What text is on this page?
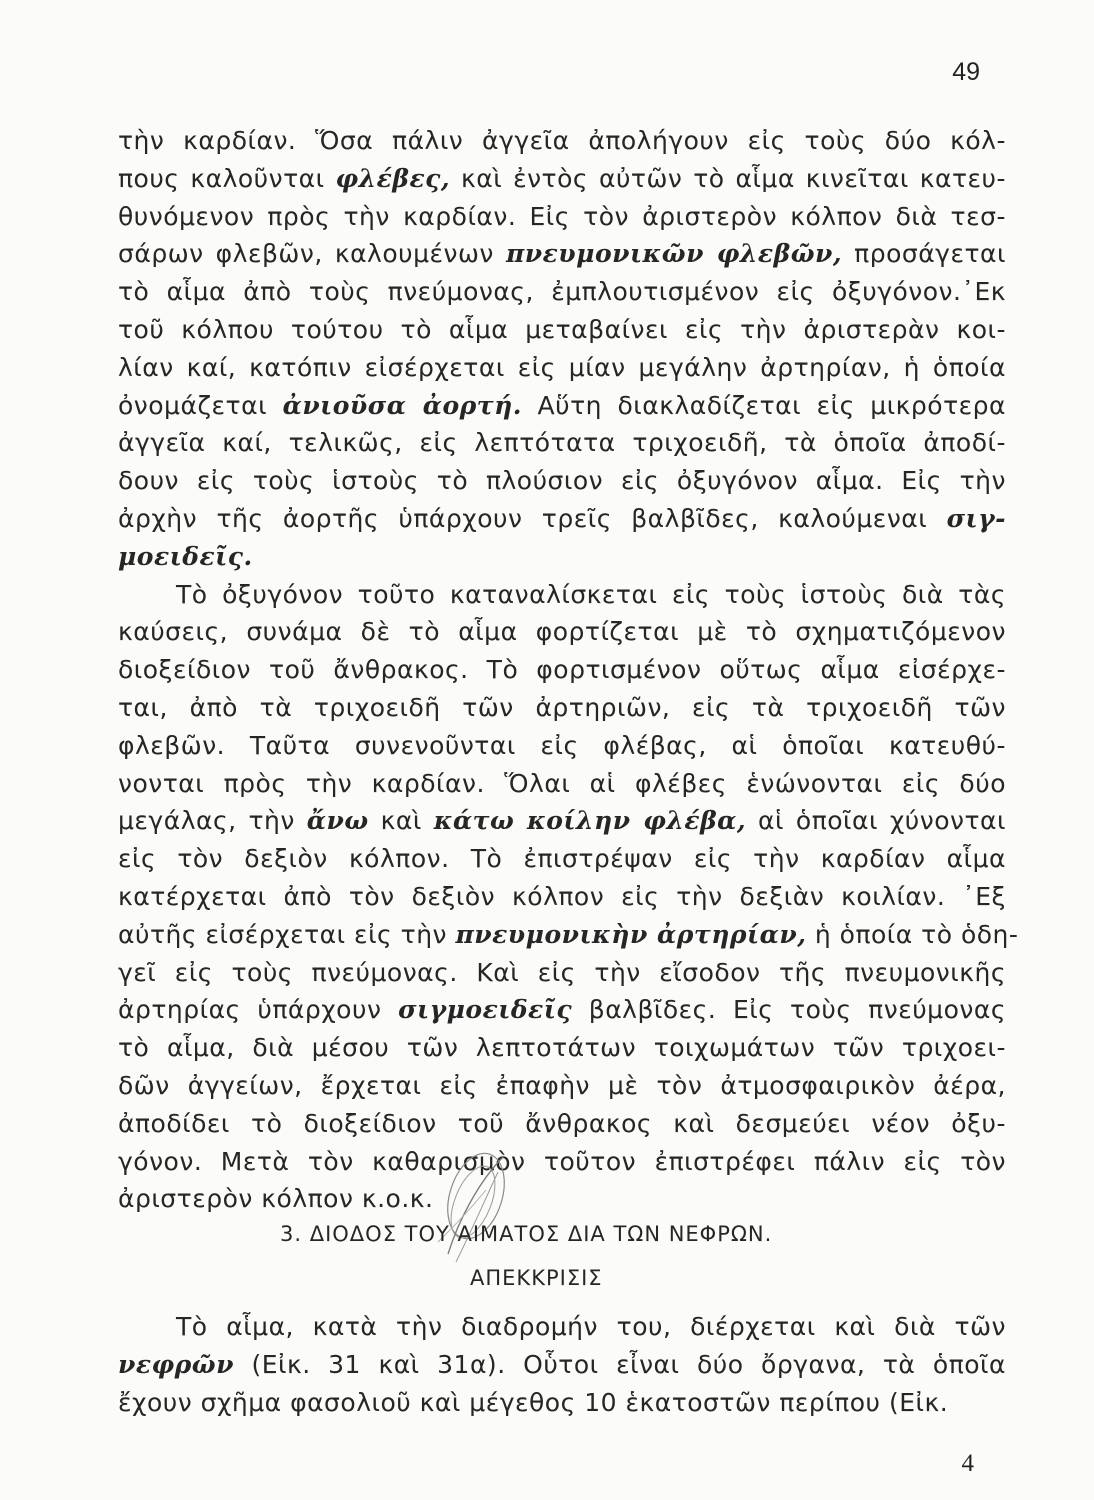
49
τὴν καρδίαν. Ὅσα πάλιν ἀγγεῖα ἀπολήγουν εἰς τοὺς δύο κόλ-
πους καλοῦνται φλέβες, καὶ ἐντὸς αὐτῶν τὸ αἷμα κινεῖται κατευ-
θυνόμενον πρὸς τὴν καρδίαν. Εἰς τὸν ἀριστερὸν κόλπον διὰ τεσ-
σάρων φλεβῶν, καλουμένων πνευμονικῶν φλεβῶν, προσάγεται
τὸ αἷμα ἀπὸ τοὺς πνεύμονας, ἐμπλουτισμένον εἰς ὀξυγόνον.᾿Εκ
τοῦ κόλπου τούτου τὸ αἷμα μεταβαίνει εἰς τὴν ἀριστερὰν κοι-
λίαν καί, κατόπιν εἰσέρχεται εἰς μίαν μεγάλην ἀρτηρίαν, ἡ ὁποία
ὀνομάζεται ἀνιοῦσα ἀορτή. Αὕτη διακλαδίζεται εἰς μικρότερα
ἀγγεῖα καί, τελικῶς, εἰς λεπτότατα τριχοειδῆ, τὰ ὁποῖα ἀποδί-
δουν εἰς τοὺς ἱστοὺς τὸ πλούσιον εἰς ὀξυγόνον αἷμα. Εἰς τὴν
ἀρχὴν τῆς ἀορτῆς ὑπάρχουν τρεῖς βαλβῖδες, καλούμεναι σιγ-
μοειδεῖς.
Τὸ ὀξυγόνον τοῦτο καταναλίσκεται εἰς τοὺς ἱστοὺς διὰ τὰς
καύσεις, συνάμα δὲ τὸ αἷμα φορτίζεται μὲ τὸ σχηματιζόμενον
διοξείδιον τοῦ ἄνθρακος. Τὸ φορτισμένον οὕτως αἷμα εἰσέρχε-
ται, ἀπὸ τὰ τριχοειδῆ τῶν ἀρτηριῶν, εἰς τὰ τριχοειδῆ τῶν
φλεβῶν. Ταῦτα συνενοῦνται εἰς φλέβας, αἱ ὁποῖαι κατευθύ-
νονται πρὸς τὴν καρδίαν. Ὅλαι αἱ φλέβες ἑνώνονται εἰς δύο
μεγάλας, τὴν ἄνω καὶ κάτω κοίλην φλέβα, αἱ ὁποῖαι χύνονται
εἰς τὸν δεξιὸν κόλπον. Τὸ ἐπιστρέψαν εἰς τὴν καρδίαν αἷμα
κατέρχεται ἀπὸ τὸν δεξιὸν κόλπον εἰς τὴν δεξιὰν κοιλίαν. ᾿Εξ
αὐτῆς εἰσέρχεται εἰς τὴν πνευμονικὴν ἀρτηρίαν, ἡ ὁποία τὸ ὁδη-
γεῖ εἰς τοὺς πνεύμονας. Καὶ εἰς τὴν εἴσοδον τῆς πνευμονικῆς
ἀρτηρίας ὑπάρχουν σιγμοειδεῖς βαλβῖδες. Εἰς τοὺς πνεύμονας
τὸ αἷμα, διὰ μέσου τῶν λεπτοτάτων τοιχωμάτων τῶν τριχοει-
δῶν ἀγγείων, ἔρχεται εἰς ἐπαφὴν μὲ τὸν ἀτμοσφαιρικὸν ἀέρα,
ἀποδίδει τὸ διοξείδιον τοῦ ἄνθρακος καὶ δεσμεύει νέον ὀξυ-
γόνον. Μετὰ τὸν καθαρισμὸν τοῦτον ἐπιστρέφει πάλιν εἰς τὸν
ἀριστερὸν κόλπον κ.ο.κ.
3. ΔΙΟΔΟΣ ΤΟΥ ΑΙΜΑΤΟΣ ΔΙΑ ΤΩΝ ΝΕΦΡΩΝ.
ΑΠΕΚΚΡΙΣΙΣ
Τὸ αἷμα, κατὰ τὴν διαδρομήν του, διέρχεται καὶ διὰ τῶν
νεφρῶν (Εἰκ. 31 καὶ 31α). Οὗτοι εἶναι δύο ὄργανα, τὰ ὁποῖα
ἔχουν σχῆμα φασολιοῦ καὶ μέγεθος 10 ἑκατοστῶν περίπου (Εἰκ.
4
